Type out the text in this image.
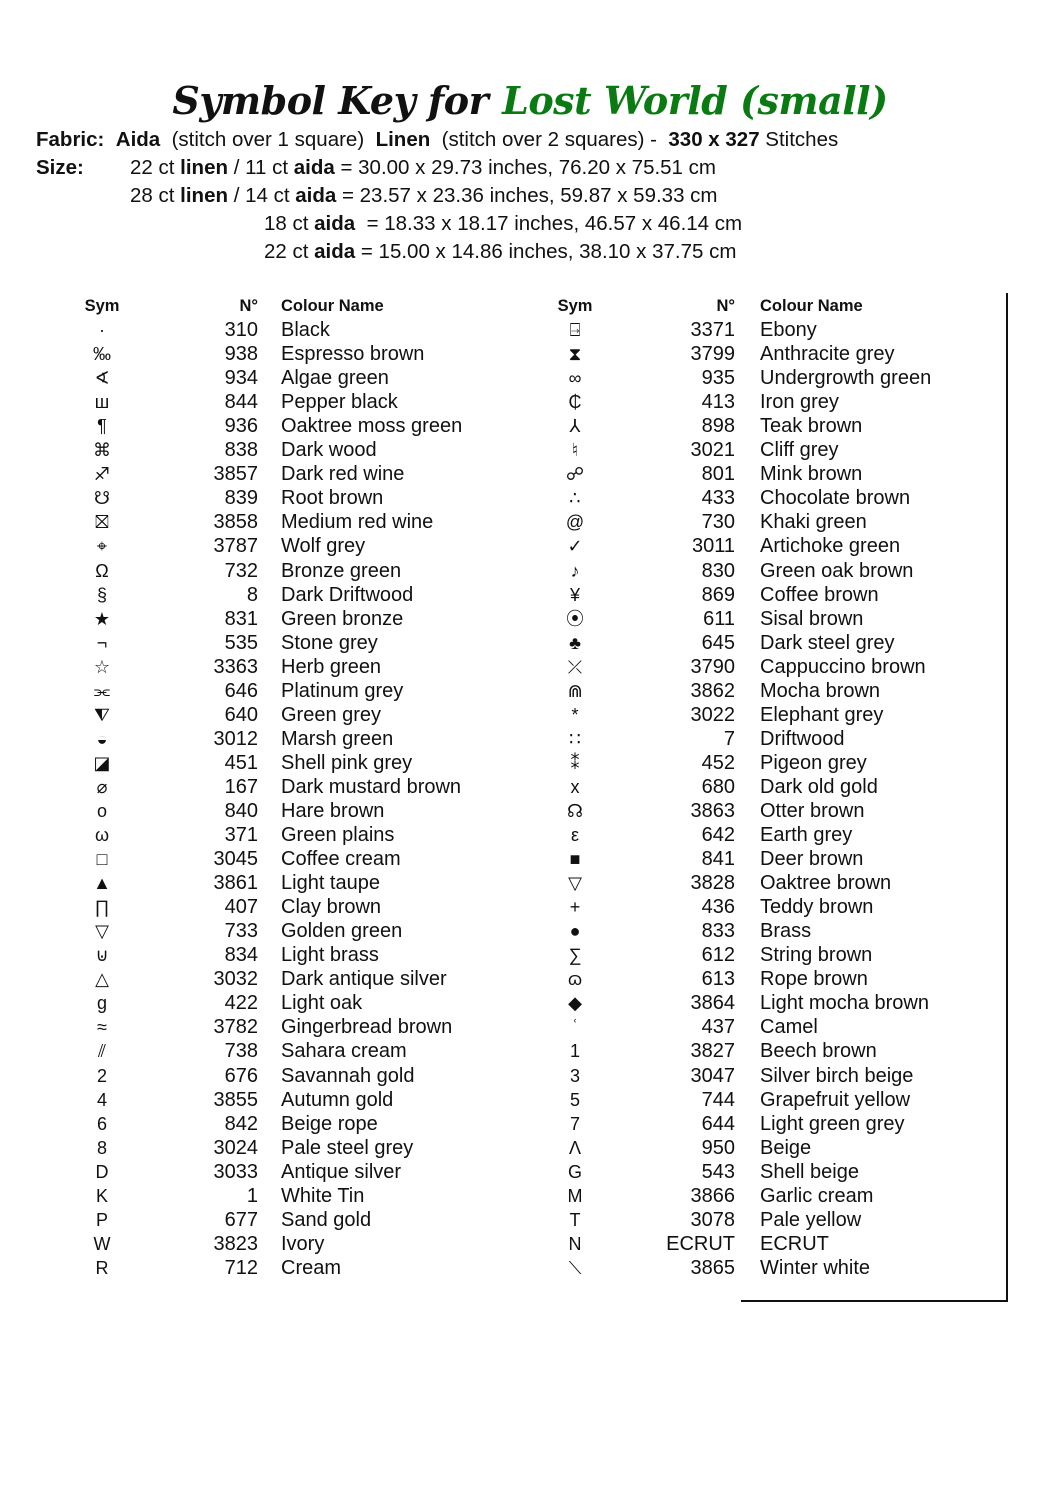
Symbol Key for Lost World (small)
Fabric: Aida (stitch over 1 square) Linen (stitch over 2 squares) - 330 x 327 Stitches
Size: 22 ct linen / 11 ct aida = 30.00 x 29.73 inches, 76.20 x 75.51 cm
28 ct linen / 14 ct aida = 23.57 x 23.36 inches, 59.87 x 59.33 cm
18 ct aida  = 18.33 x 18.17 inches, 46.57 x 46.14 cm
22 ct aida = 15.00 x 14.86 inches, 38.10 x 37.75 cm
Sym	N° Colour Name
·	310 Black
‰	938 Espresso brown
∢	934 Algae green
ш	844 Pepper black
¶	936 Oaktree moss green
⌘	838 Dark wood
♐	3857 Dark red wine
☋	839 Root brown
⛝	3858 Medium red wine
⌖	3787 Wolf grey
Ω	732 Bronze green
§	8 Dark Driftwood
★	831 Green bronze
¬	535 Stone grey
☆	3363 Herb green
⫘	646 Platinum grey
⧨	640 Green grey
◒	3012 Marsh green
◪	451 Shell pink grey
⌀	167 Dark mustard brown
o	840 Hare brown
ω	371 Green plains
□	3045 Coffee cream
▲	3861 Light taupe
∏	407 Clay brown
▽	733 Golden green
⊍	834 Light brass
△	3032 Dark antique silver
g	422 Light oak
≈	3782 Gingerbread brown
⫽	738 Sahara cream
2	676 Savannah gold
4	3855 Autumn gold
6	842 Beige rope
8	3024 Pale steel grey
D	3033 Antique silver
K	1 White Tin
P	677 Sand gold
W	3823 Ivory
R	712 Cream
Sym	N° Colour Name
⍈	3371 Ebony
⧗	3799 Anthracite grey
∞	935 Undergrowth green
₵	413 Iron grey
⅄	898 Teak brown
♮	3021 Cliff grey
☍	801 Mink brown
∴	433 Chocolate brown
@	730 Khaki green
✓	3011 Artichoke green
♪	830 Green oak brown
¥	869 Coffee brown
⦿	611 Sisal brown
♣	645 Dark steel grey
⤫	3790 Cappuccino brown
⋒	3862 Mocha brown
*	3022 Elephant grey
∷	7 Driftwood
⁑	452 Pigeon grey
x	680 Dark old gold
☊	3863 Otter brown
ε	642 Earth grey
■	841 Deer brown
▽	3828 Oaktree brown
+	436 Teddy brown
●	833 Brass
∑	612 String brown
ɷ	613 Rope brown
◆	3864 Light mocha brown
ʿ	437 Camel
1	3827 Beech brown
3	3047 Silver birch beige
5	744 Grapefruit yellow
7	644 Light green grey
Λ	950 Beige
G	543 Shell beige
M	3866 Garlic cream
T	3078 Pale yellow
N	ECRUT ECRUT
⟍	3865 Winter white
